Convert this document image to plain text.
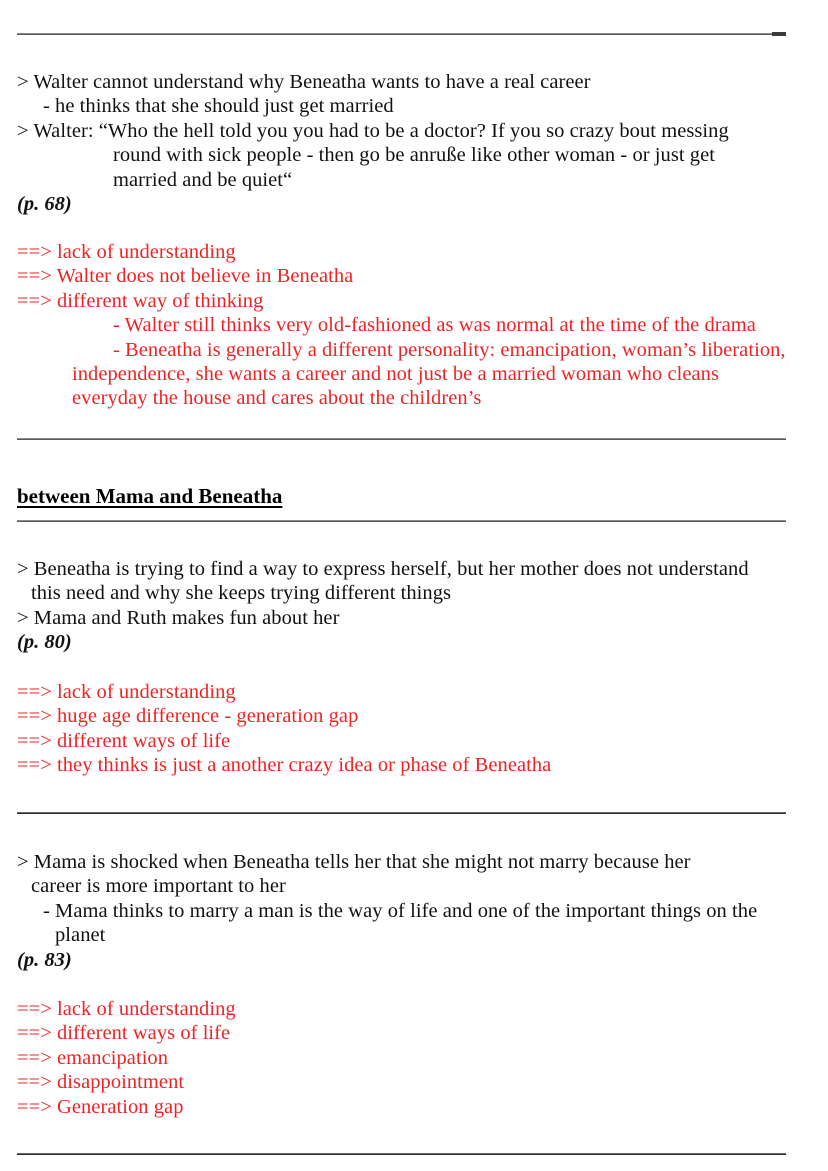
> Walter cannot understand why Beneatha wants to have a real career
- he thinks that she should just get married
> Walter: “Who the hell told you you had to be a doctor? If you so crazy bout messing
round with sick people - then go be anruße like other woman - or just get
married and be quiet“
(p. 68)
==> lack of understanding
==> Walter does not believe in Beneatha
==> different way of thinking
- Walter still thinks very old-fashioned as was normal at the time of the drama
- Beneatha is generally a different personality: emancipation, woman’s liberation,
independence, she wants a career and not just be a married woman who cleans
everyday the house and cares about the children’s
between Mama and Beneatha
> Beneatha is trying to find a way to express herself, but her mother does not understand
this need and why she keeps trying different things
> Mama and Ruth makes fun about her
(p. 80)
==> lack of understanding
==> huge age difference - generation gap
==> different ways of life
==> they thinks is just a another crazy idea or phase of Beneatha
> Mama is shocked when Beneatha tells her that she might not marry because her
career is more important to her
- Mama thinks to marry a man is the way of life and one of the important things on the
planet
(p. 83)
==> lack of understanding
==> different ways of life
==> emancipation
==> disappointment
==> Generation gap
